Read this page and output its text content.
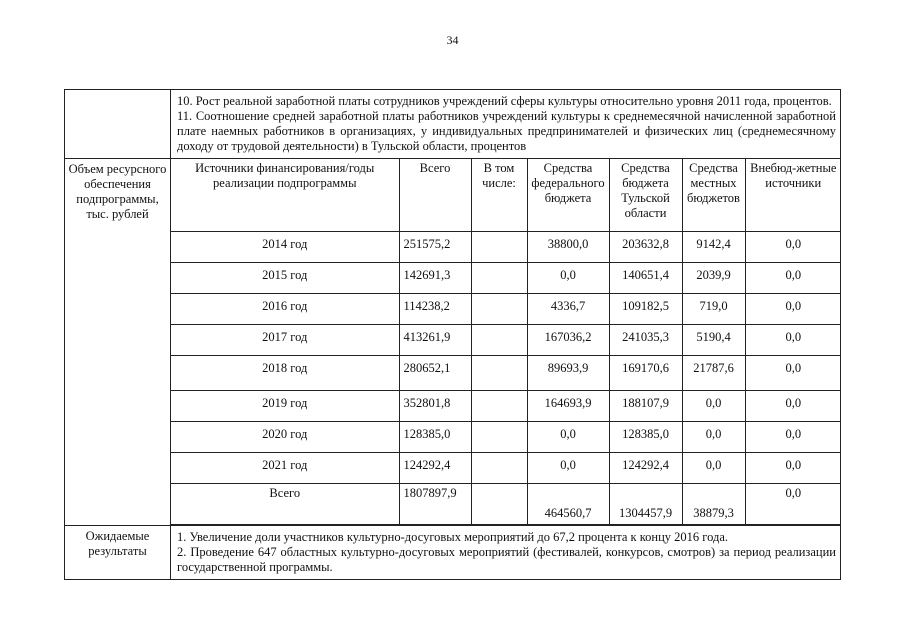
34

10. Рост реальной заработной платы сотрудников учреждений сферы культуры относительно уровня 2011 года, процентов.

11. Соотношение средней заработной платы работников учреждений культуры к среднемесячной начисленной заработной плате наемных работников в организациях, у индивидуальных предпринимателей и физических лиц (среднемесячному доходу от трудовой деятельности) в Тульской области, процентов

Объем ресурсного обеспечения подпрограммы, тыс. рублей	
Источники финансирования/годы реализации подпрограммы	Всего	В том числе:	Средства федерального бюджета	Средства бюджета Тульской области	Средства местных бюджетов	Внебюд-жетные источники
2014 год	251575,2		38800,0	203632,8	9142,4	0,0
2015 год	142691,3		0,0	140651,4	2039,9	0,0
2016 год	114238,2		4336,7	109182,5	719,0	0,0
2017 год	413261,9		167036,2	241035,3	5190,4	0,0
2018 год	280652,1		89693,9	169170,6	21787,6	0,0
2019 год	352801,8		164693,9	188107,9	0,0	0,0
2020 год	128385,0		0,0	128385,0	0,0	0,0
2021 год	124292,4		0,0	124292,4	0,0	0,0
Всего	1807897,9		464560,7	1304457,9	38879,3	0,0

Ожидаемые результаты	

1. Увеличение доли участников культурно-досуговых мероприятий до 67,2 процента к концу 2016 года.

2. Проведение 647 областных культурно-досуговых мероприятий (фестивалей, конкурсов, смотров) за период реализации государственной программы.
